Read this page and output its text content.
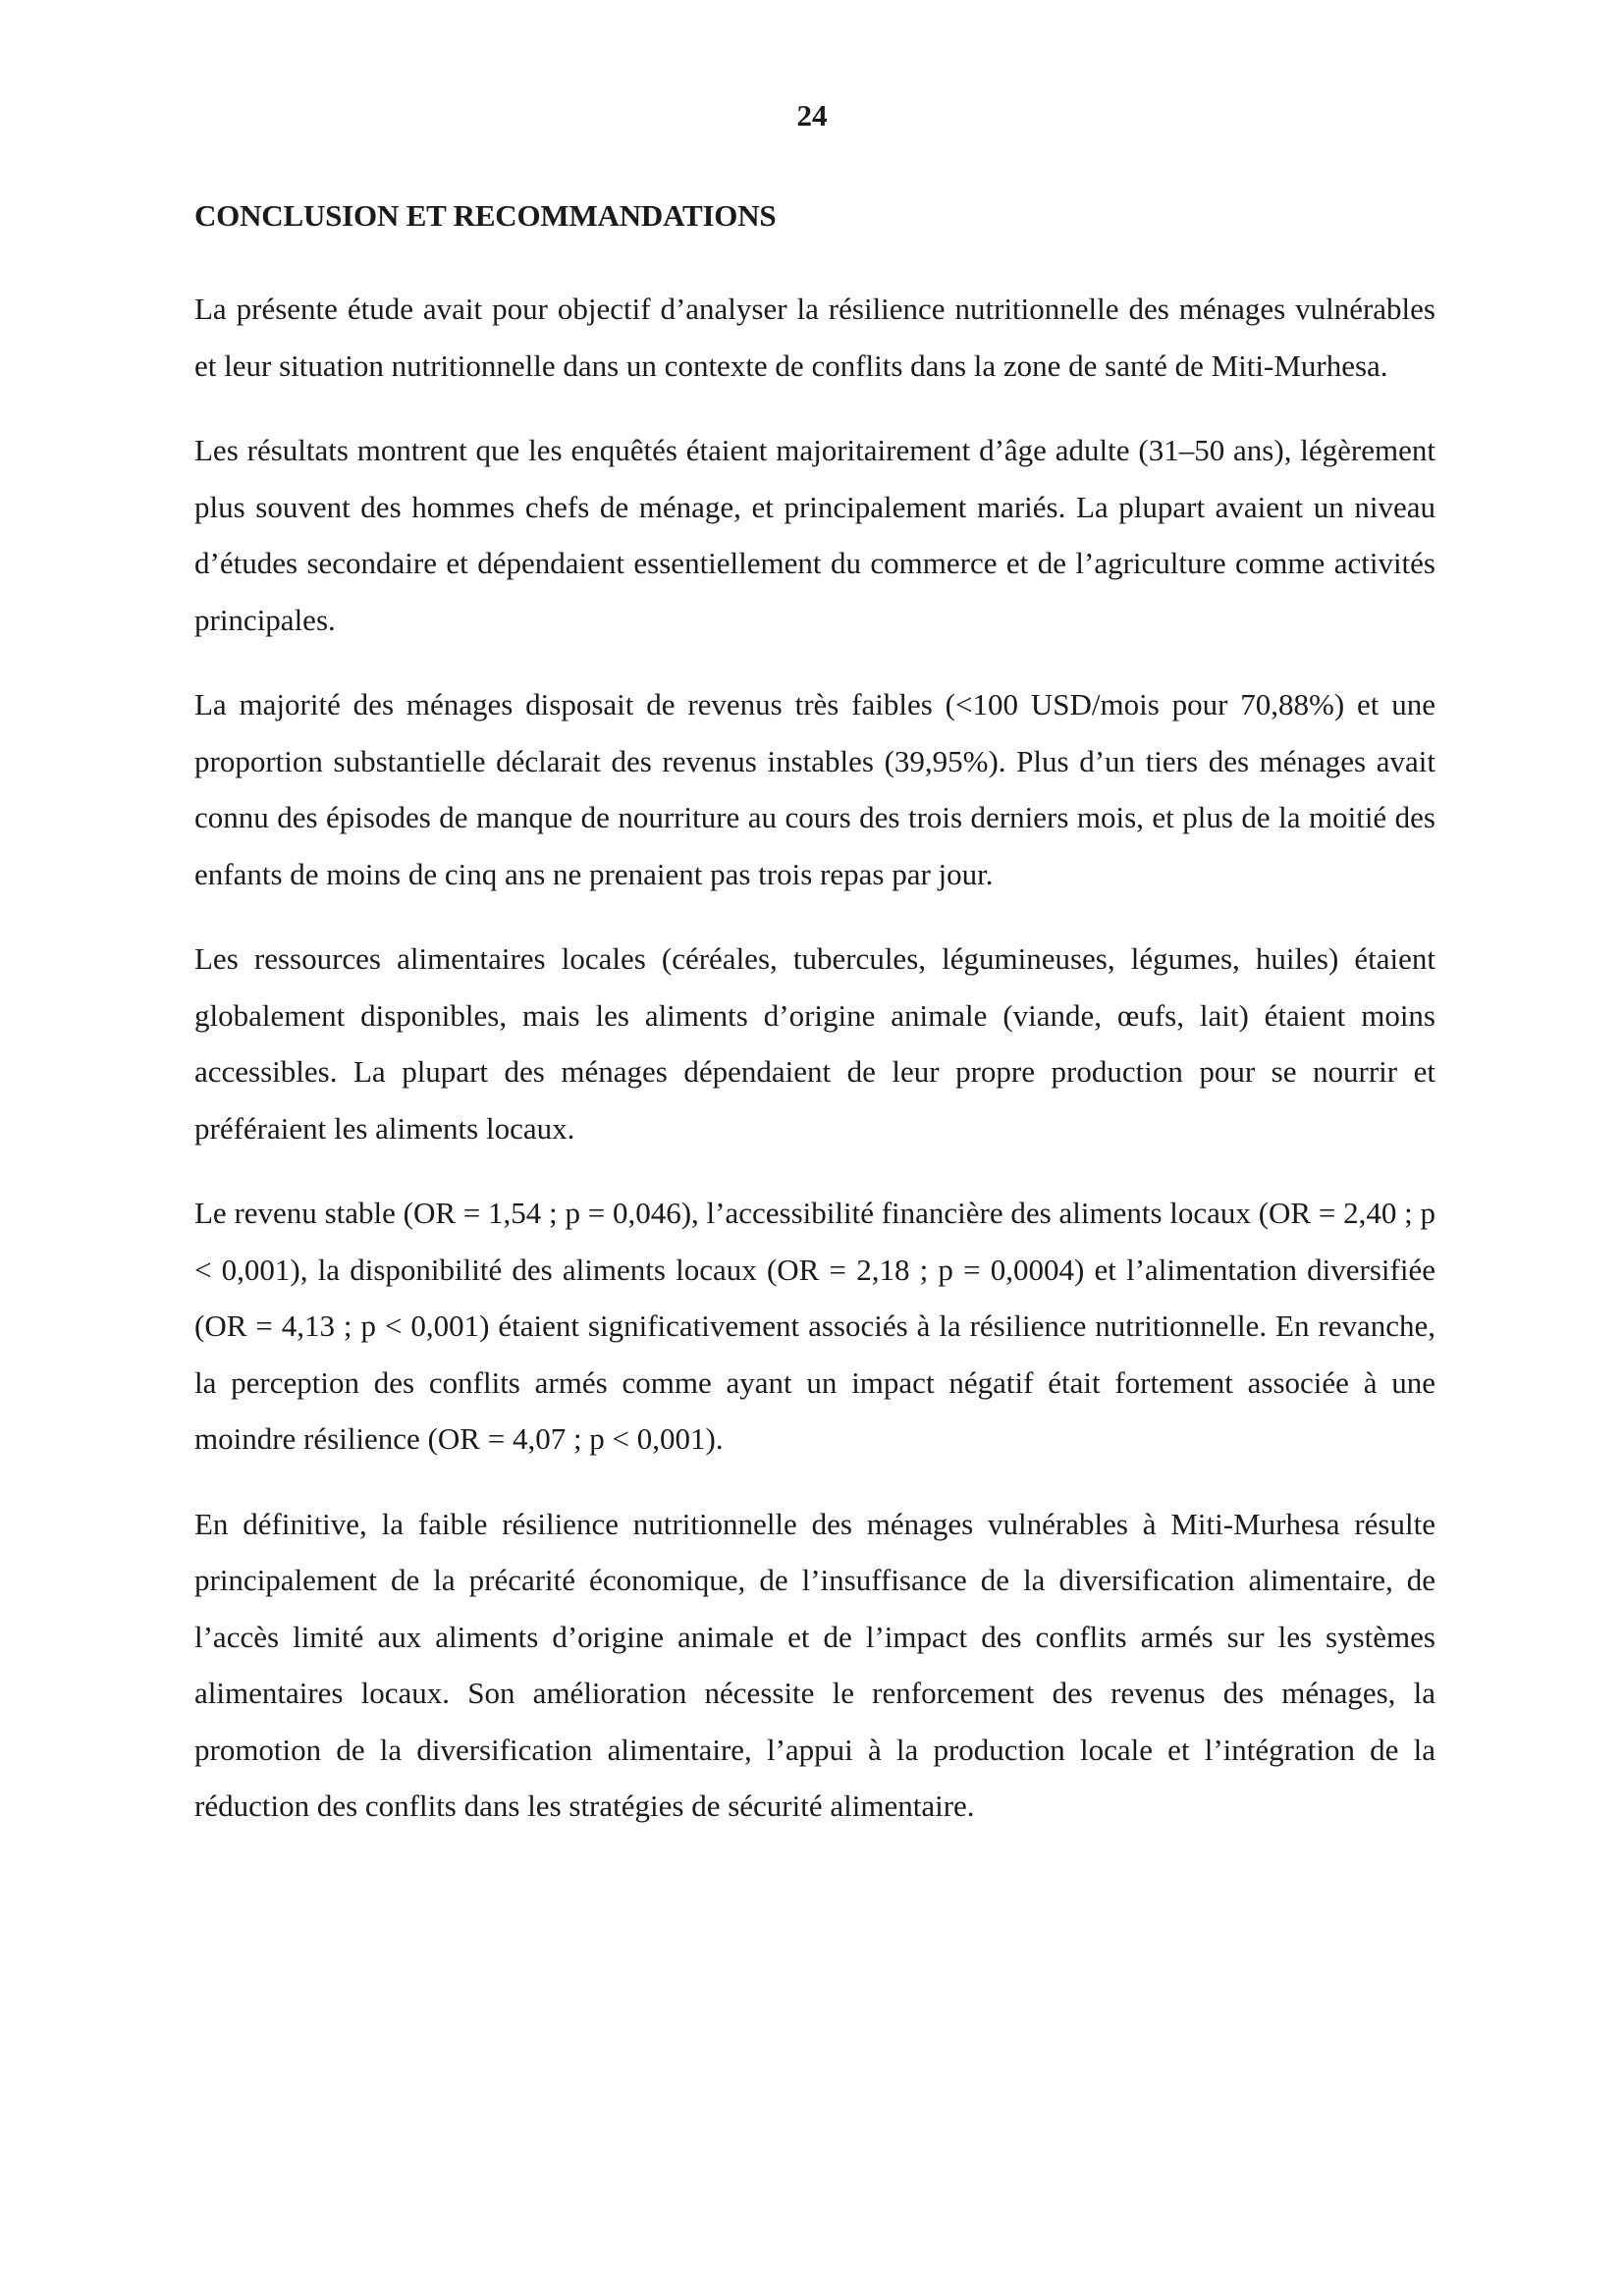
24
CONCLUSION ET RECOMMANDATIONS

La présente étude avait pour objectif d’analyser la résilience nutritionnelle des ménages vulnérables et leur situation nutritionnelle dans un contexte de conflits dans la zone de santé de Miti-Murhesa.

Les résultats montrent que les enquêtés étaient majoritairement d’âge adulte (31–50 ans), légèrement plus souvent des hommes chefs de ménage, et principalement mariés. La plupart avaient un niveau d’études secondaire et dépendaient essentiellement du commerce et de l’agriculture comme activités principales.

La majorité des ménages disposait de revenus très faibles (<100 USD/mois pour 70,88%) et une proportion substantielle déclarait des revenus instables (39,95%). Plus d’un tiers des ménages avait connu des épisodes de manque de nourriture au cours des trois derniers mois, et plus de la moitié des enfants de moins de cinq ans ne prenaient pas trois repas par jour.

Les ressources alimentaires locales (céréales, tubercules, légumineuses, légumes, huiles) étaient globalement disponibles, mais les aliments d’origine animale (viande, œufs, lait) étaient moins accessibles. La plupart des ménages dépendaient de leur propre production pour se nourrir et préféraient les aliments locaux.

Le revenu stable (OR = 1,54 ; p = 0,046), l’accessibilité financière des aliments locaux (OR = 2,40 ; p < 0,001), la disponibilité des aliments locaux (OR = 2,18 ; p = 0,0004) et l’alimentation diversifiée (OR = 4,13 ; p < 0,001) étaient significativement associés à la résilience nutritionnelle. En revanche, la perception des conflits armés comme ayant un impact négatif était fortement associée à une moindre résilience (OR = 4,07 ; p < 0,001).

En définitive, la faible résilience nutritionnelle des ménages vulnérables à Miti-Murhesa résulte principalement de la précarité économique, de l’insuffisance de la diversification alimentaire, de l’accès limité aux aliments d’origine animale et de l’impact des conflits armés sur les systèmes alimentaires locaux. Son amélioration nécessite le renforcement des revenus des ménages, la promotion de la diversification alimentaire, l’appui à la production locale et l’intégration de la réduction des conflits dans les stratégies de sécurité alimentaire.
